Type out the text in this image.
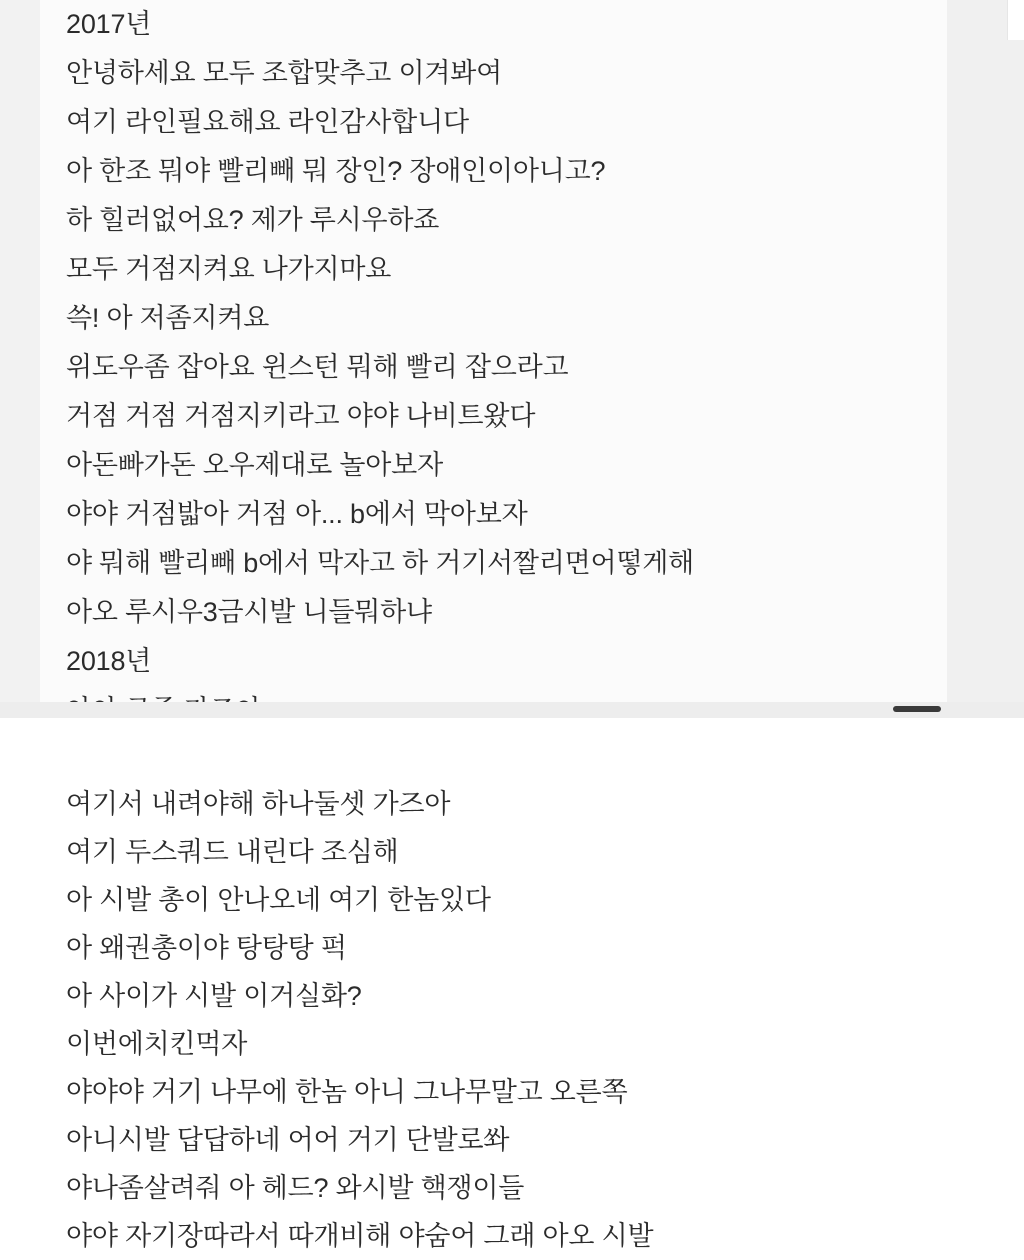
2017년
안녕하세요 모두 조합맞추고 이겨봐여
여기 라인필요해요 라인감사합니다
아 한조 뭐야 빨리빼 뭐 장인? 장애인이아니고?
하 힐러없어요? 제가 루시우하죠
모두 거점지켜요 나가지마요
쓱! 아 저좀지켜요
위도우좀 잡아요 윈스턴 뭐해 빨리 잡으라고
거점 거점 거점지키라고 야야 나비트왔다
아돈빠가돈 오우제대로 놀아보자
야야 거점밟아 거점 아... b에서 막아보자
야 뭐해 빨리빼 b에서 막자고 하 거기서짤리면어떻게해
아오 루시우3금시발 니들뭐하냐
2018년
여기서 내려야해 하나둘셋 가즈아
여기 두스쿼드 내린다 조심해
아 시발 총이 안나오네 여기 한놈있다
아 왜권총이야 탕탕탕 퍽
아 사이가 시발 이거실화?
이번에치킨먹자
야야야 거기 나무에 한놈 아니 그나무말고 오른쪽
아니시발 답답하네 어어 거기 단발로쏴
야나좀살려줘 아 헤드? 와시발 핵쟁이들
야야 자기장따라서 따개비해 야숨어 그래 아오 시발
